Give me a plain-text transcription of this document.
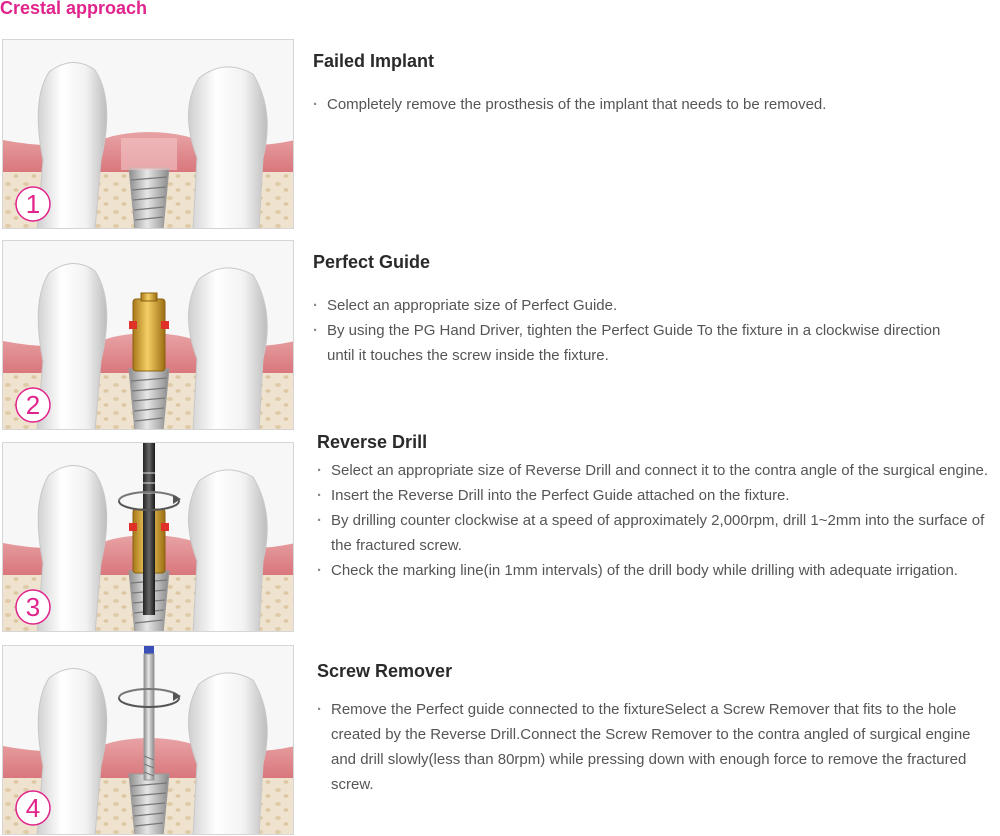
Crestal approach
1
Failed Implant
· Completely remove the prosthesis of the implant that needs to be removed.
2
Perfect Guide
· Select an appropriate size of Perfect Guide.
· By using the PG Hand Driver, tighten the Perfect Guide To the fixture in a clockwise direction until it touches the screw inside the fixture.
3
Reverse Drill
· Select an appropriate size of Reverse Drill and connect it to the contra angle of the surgical engine.
· Insert the Reverse Drill into the Perfect Guide attached on the fixture.
· By drilling counter clockwise at a speed of approximately 2,000rpm, drill 1~2mm into the surface of the fractured screw.
· Check the marking line(in 1mm intervals) of the drill body while drilling with adequate irrigation.
4
Screw Remover
· Remove the Perfect guide connected to the fixtureSelect a Screw Remover that fits to the hole created by the Reverse Drill.Connect the Screw Remover to the contra angled of surgical engine and drill slowly(less than 80rpm) while pressing down with enough force to remove the fractured screw.
